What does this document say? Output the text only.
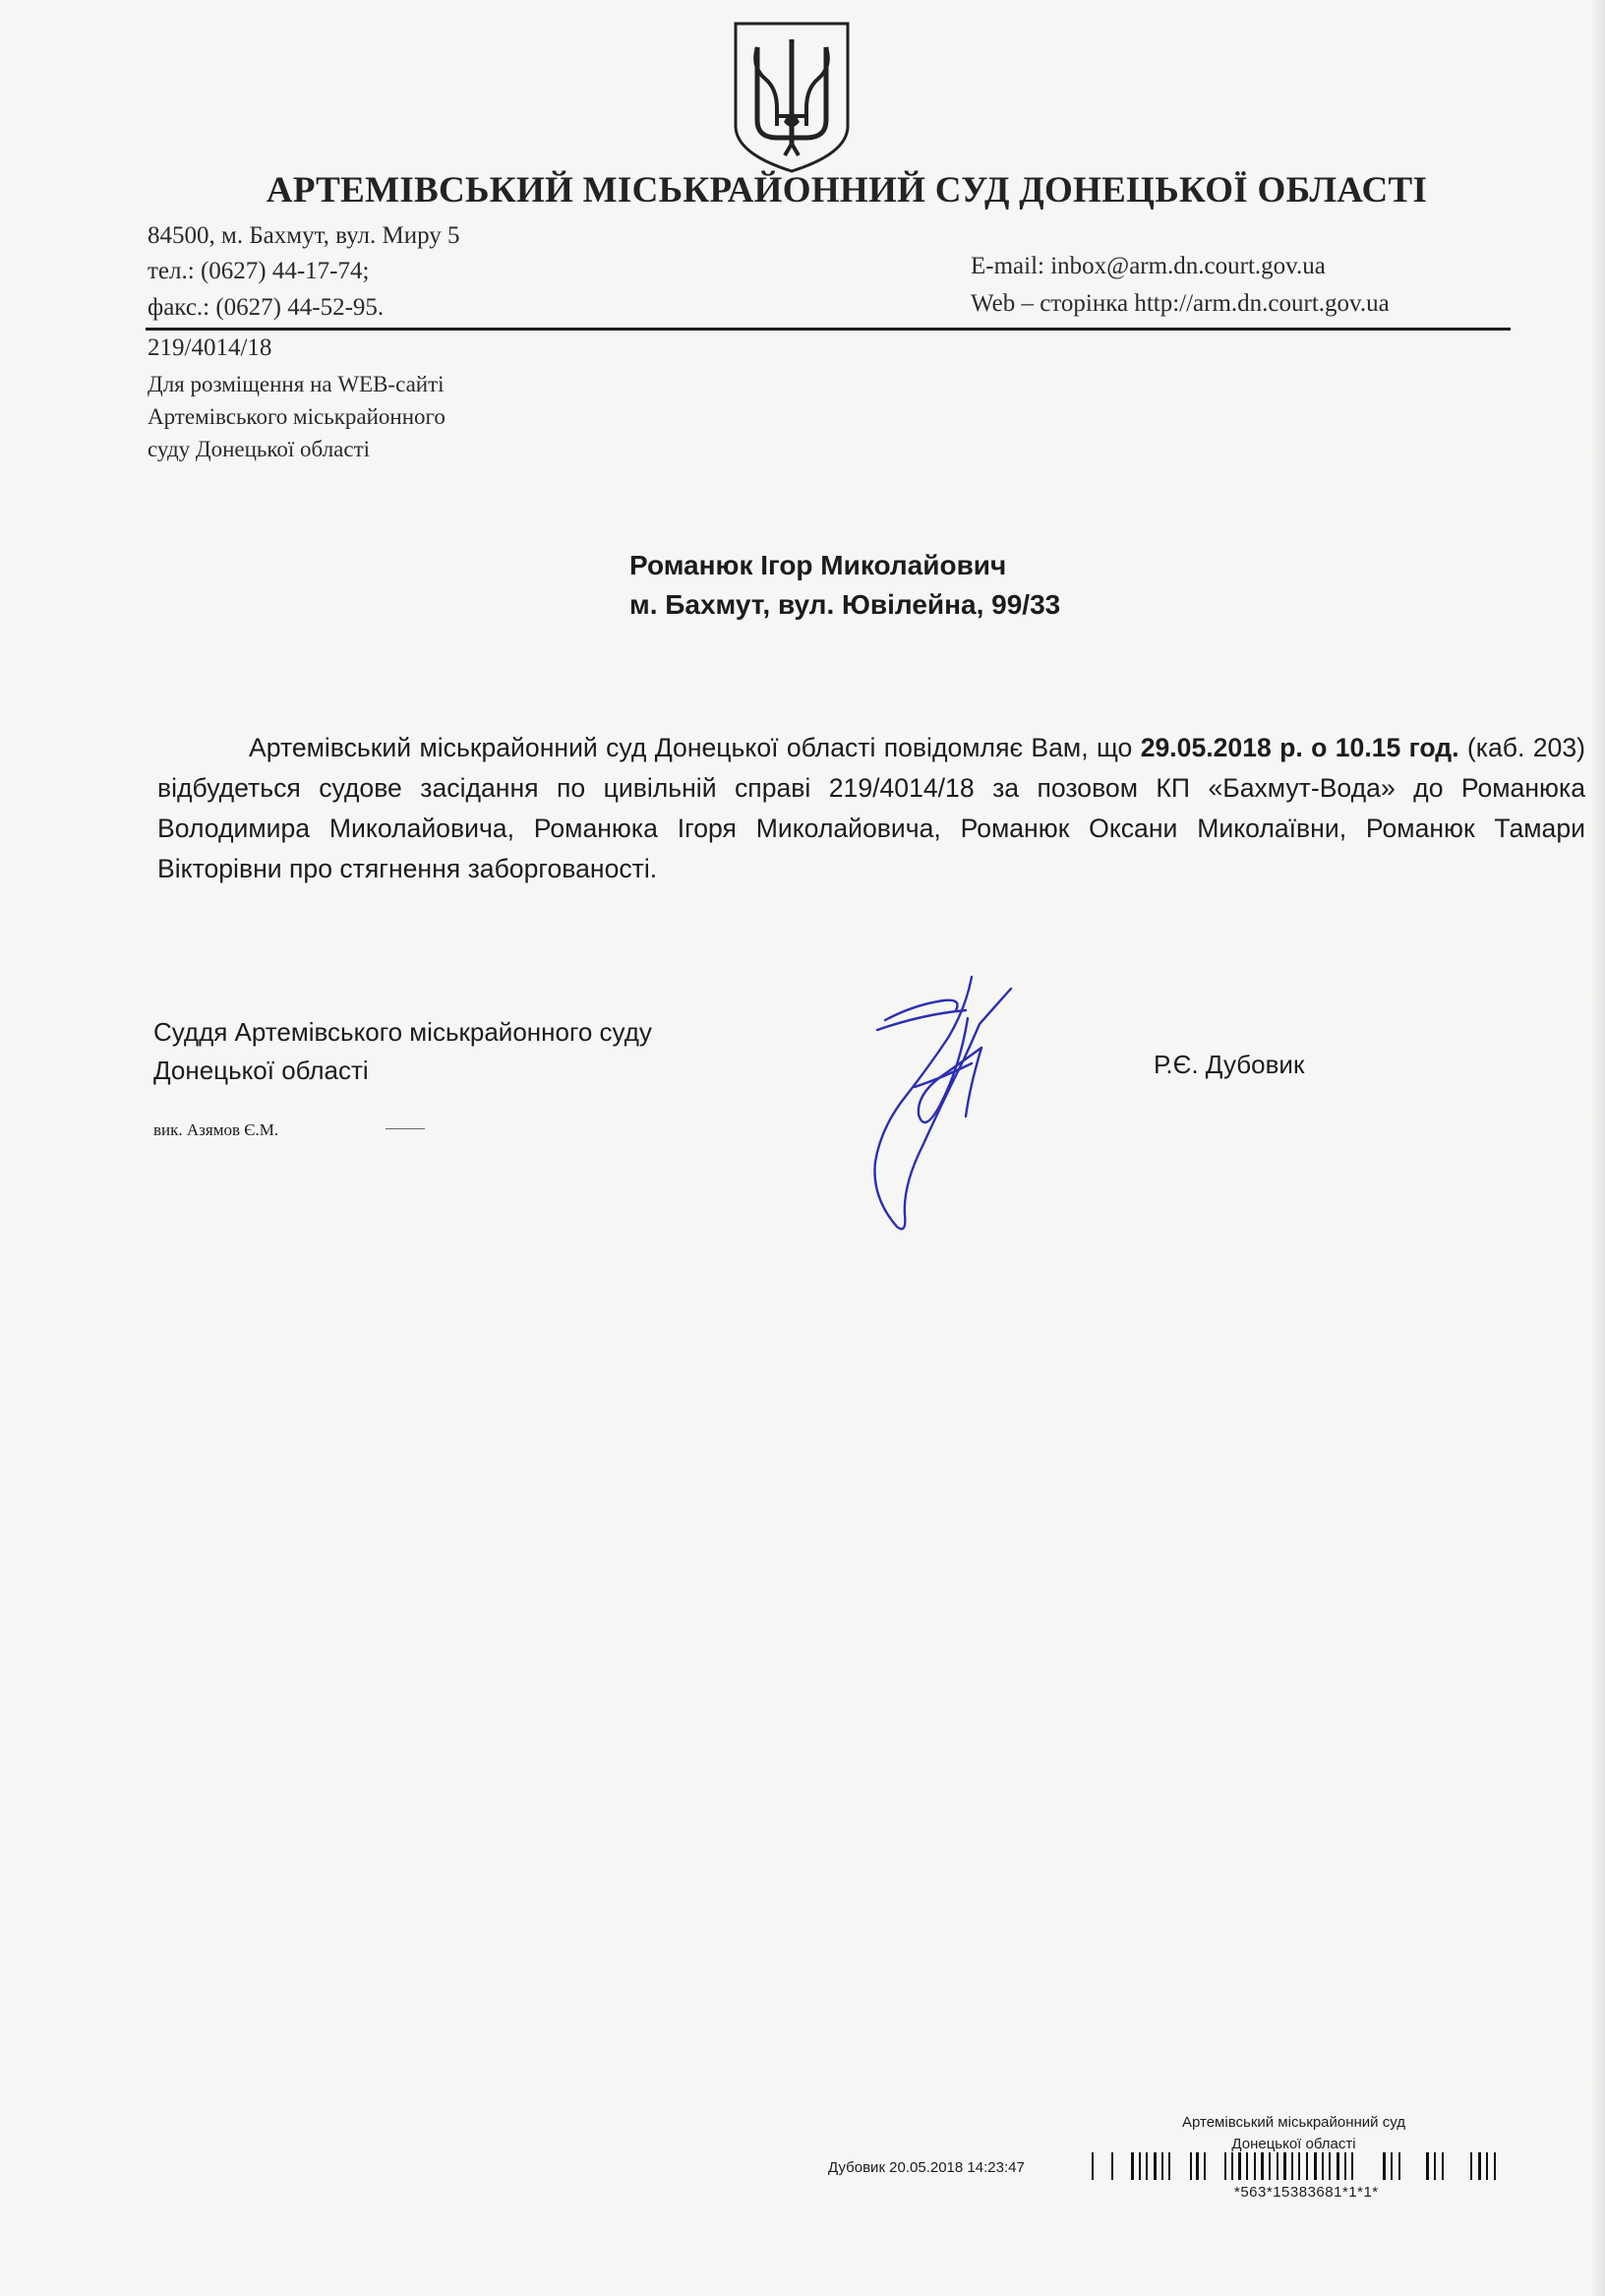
АРТЕМІВСЬКИЙ МІСЬКРАЙОННИЙ СУД ДОНЕЦЬКОЇ ОБЛАСТІ
84500, м. Бахмут, вул. Миру 5
тел.: (0627) 44-17-74;
факс.: (0627) 44-52-95.
E-mail: inbox@arm.dn.court.gov.ua
Web – сторінка http://arm.dn.court.gov.ua
219/4014/18
Для розміщення на WEB-сайті
Артемівського міськрайонного
суду Донецької області
Романюк Ігор Миколайович
м. Бахмут, вул. Ювілейна, 99/33

Артемівський міськрайонний суд Донецької області повідомляє Вам, що 29.05.2018 р. о 10.15 год. (каб. 203) відбудеться судове засідання по цивільній справі 219/4014/18 за позовом КП «Бахмут-Вода» до Романюка Володимира Миколайовича, Романюка Ігоря Миколайовича, Романюк Оксани Миколаївни, Романюк Тамари Вікторівни про стягнення заборгованості.

Суддя Артемівського міськрайонного суду
Донецької області	Р.Є. Дубовик
вик. Азямов Є.М.
Артемівський міськрайонний суд
Донецької області
Дубовик 20.05.2018 14:23:47
*563*15383681*1*1*
